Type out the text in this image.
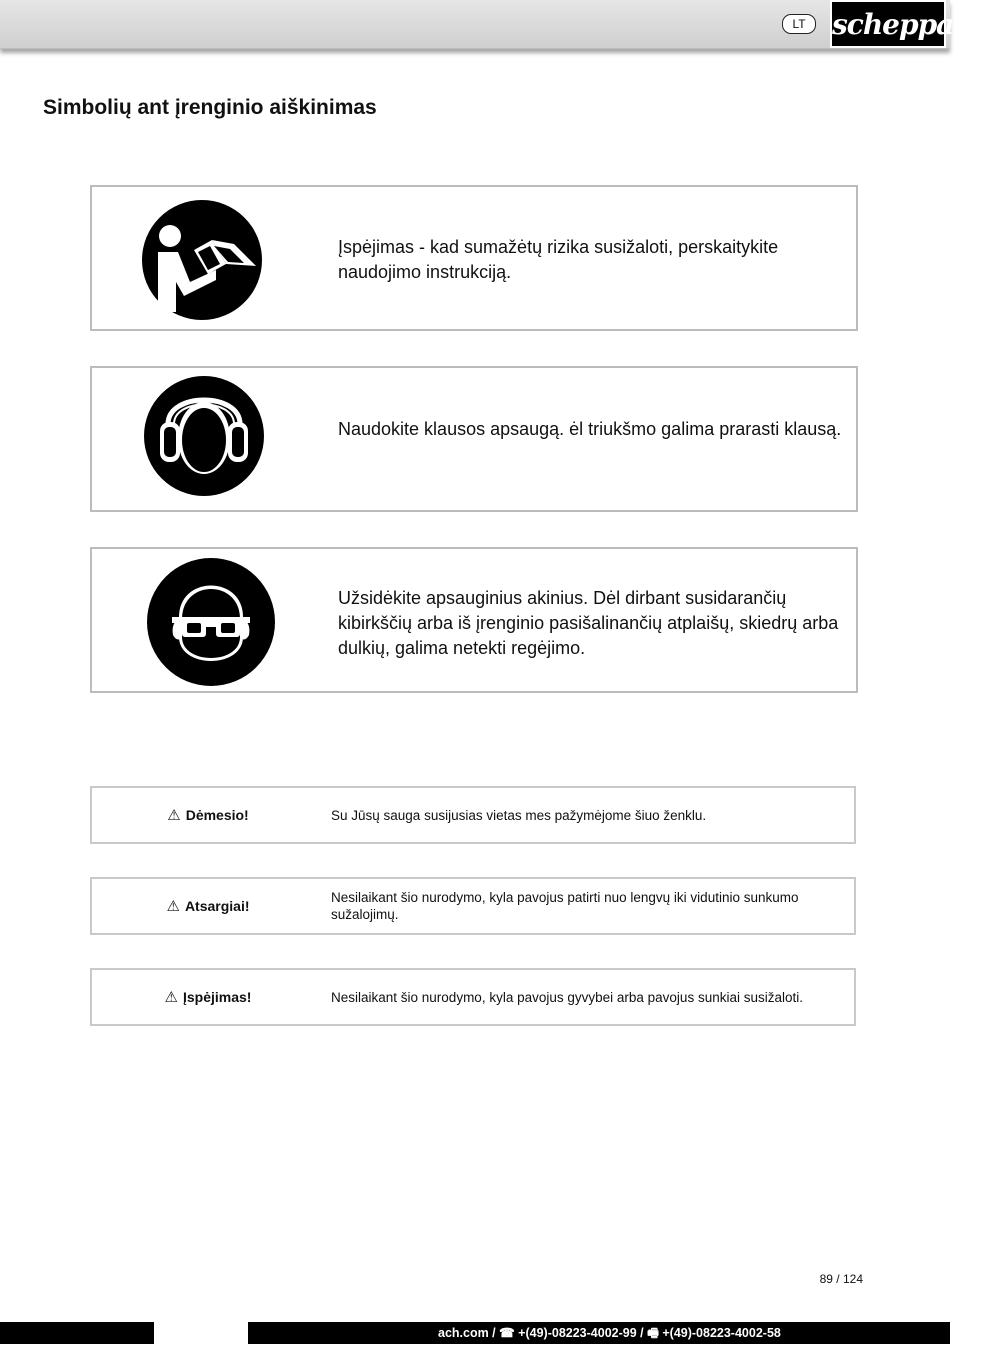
LT scheppach
Simbolių ant įrenginio aiškinimas
Įspėjimas - kad sumažėtų rizika susižaloti, perskaitykite naudojimo instrukciją.
Naudokite klausos apsaugą. ėl triukšmo galima prarasti klausą.
Užsidėkite apsauginius akinius. Dėl dirbant susidarančių kibirkščių arba iš įrenginio pasišalinančių atplaišų, skiedrų arba dulkių, galima netekti regėjimo.
⚠ Dėmesio!	Su Jūsų sauga susijusias vietas mes pažymėjome šiuo ženklu.
⚠ Atsargiai!
Nesilaikant šio nurodymo, kyla pavojus patirti nuo lengvų iki vidutinio sunkumo sužalojimų.
⚠ Įspėjimas!	Nesilaikant šio nurodymo, kyla pavojus gyvybei arba pavojus sunkiai susižaloti.
89 / 124
ach.com / ☎ +(49)-08223-4002-99 / 🖷 +(49)-08223-4002-58
